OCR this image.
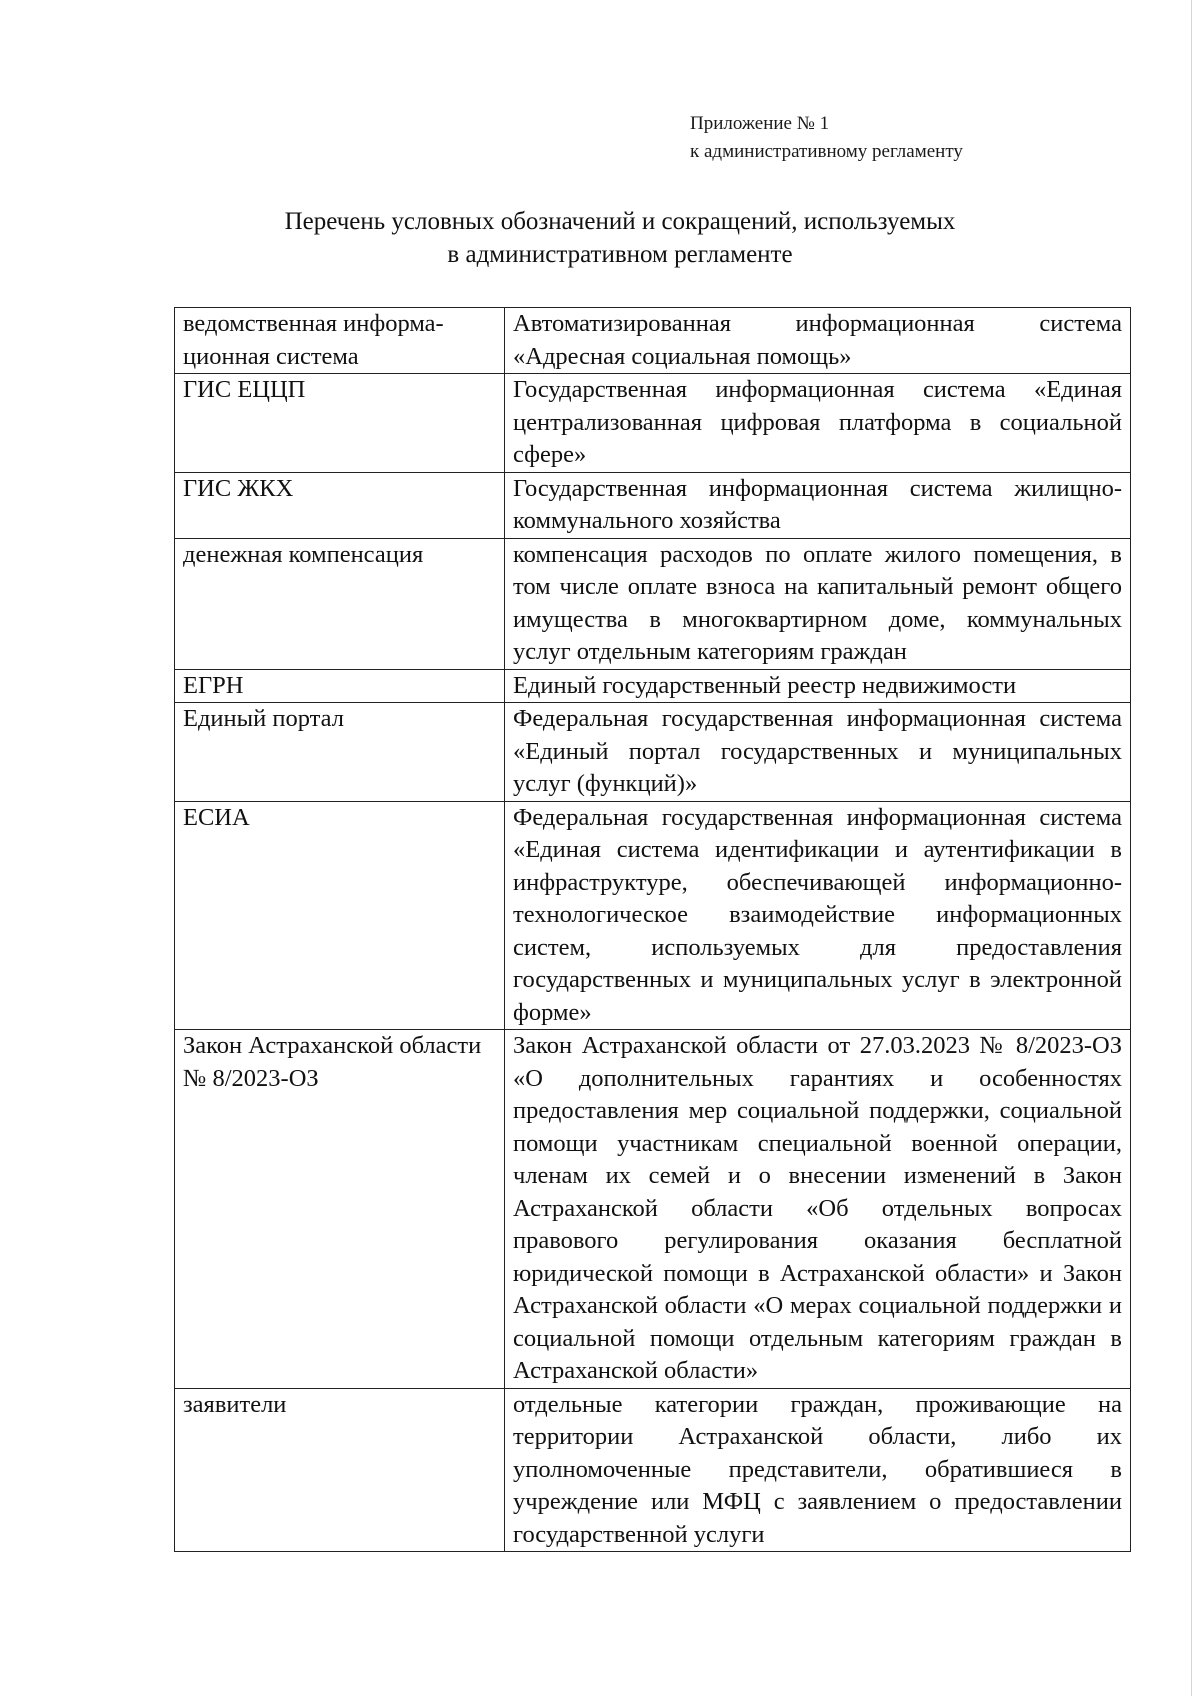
Приложение № 1
к административному регламенту
Перечень условных обозначений и сокращений, используемых
в административном регламенте
ведомственная информационная система	Автоматизированная информационная система «Адресная социальная помощь»
ГИС ЕЦЦП	Государственная информационная система «Единая централизованная цифровая платформа в социальной сфере»
ГИС ЖКХ	Государственная информационная система жилищно-коммунального хозяйства
денежная компенсация	компенсация расходов по оплате жилого помещения, в том числе оплате взноса на капитальный ремонт общего имущества в многоквартирном доме, коммунальных услуг отдельным категориям граждан
ЕГРН	Единый государственный реестр недвижимости
Единый портал	Федеральная государственная информационная система «Единый портал государственных и муниципальных услуг (функций)»
ЕСИА	Федеральная государственная информационная система «Единая система идентификации и аутентификации в инфраструктуре, обеспечивающей информационно-технологическое взаимодействие информационных систем, используемых для предоставления государственных и муниципальных услуг в электронной форме»
Закон Астраханской области № 8/2023-ОЗ	Закон Астраханской области от 27.03.2023 № 8/2023-ОЗ «О дополнительных гарантиях и особенностях предоставления мер социальной поддержки, социальной помощи участникам специальной военной операции, членам их семей и о внесении изменений в Закон Астраханской области «Об отдельных вопросах правового регулирования оказания бесплатной юридической помощи в Астраханской области» и Закон Астраханской области «О мерах социальной поддержки и социальной помощи отдельным категориям граждан в Астраханской области»
заявители	отдельные категории граждан, проживающие на территории Астраханской области, либо их уполномоченные представители, обратившиеся в учреждение или МФЦ с заявлением о предоставлении государственной услуги
